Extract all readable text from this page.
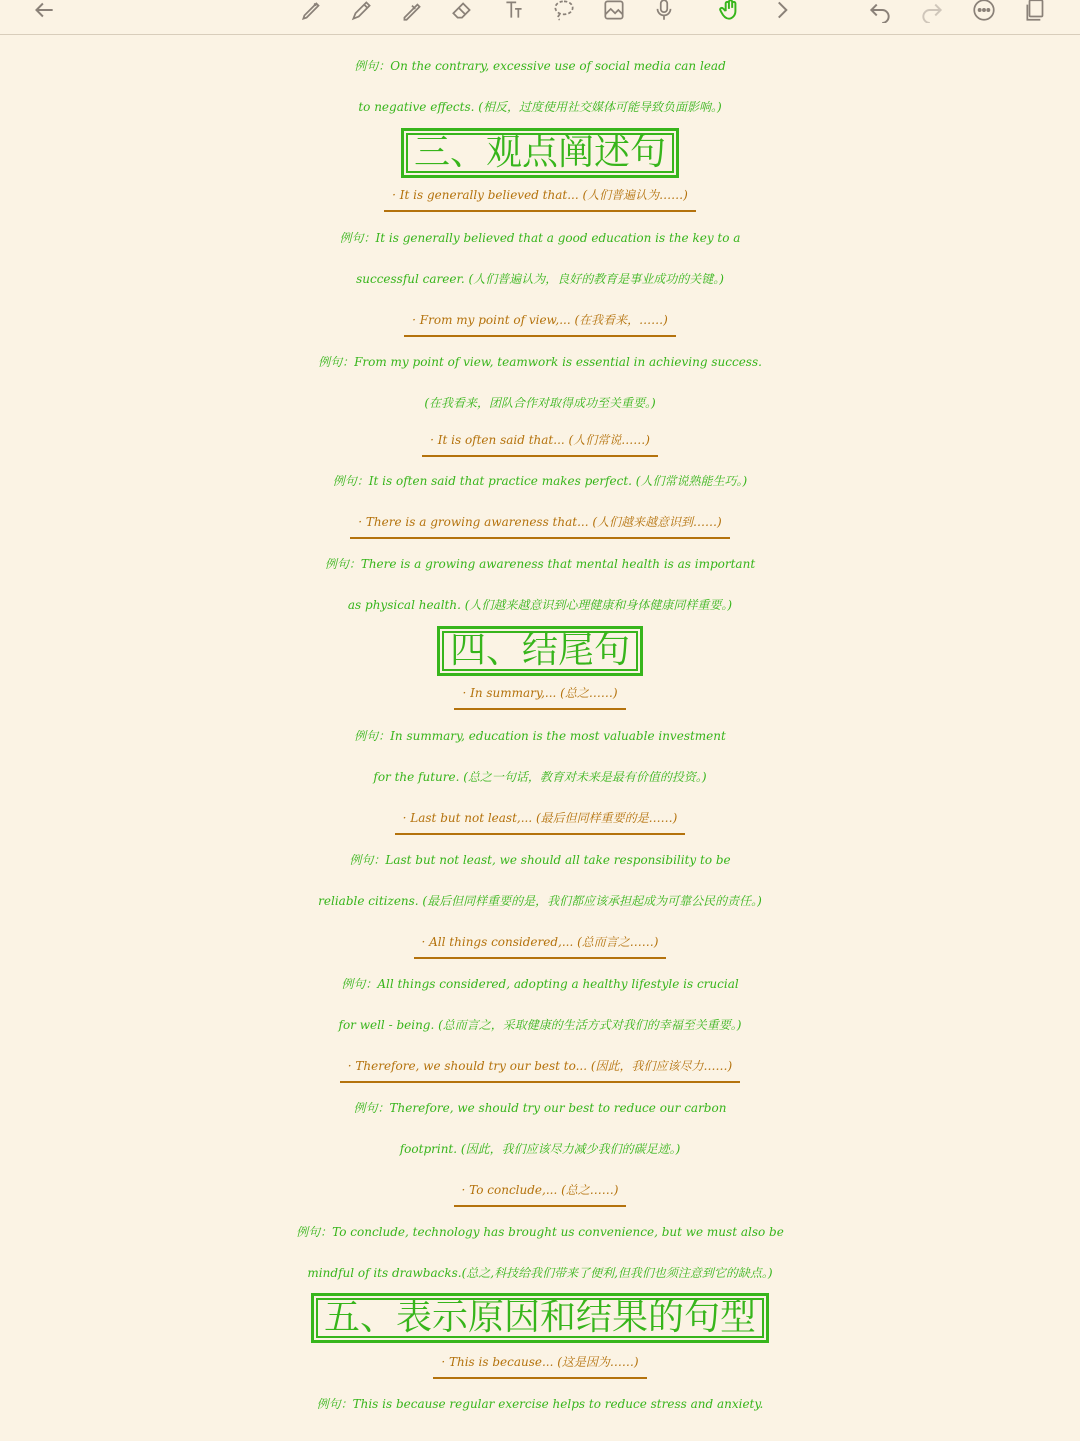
例句：On the contrary, excessive use of social media can lead
to negative effects. (相反，过度使用社交媒体可能导致负面影响。)
三、观点阐述句
· It is generally believed that... (人们普遍认为……)
例句：It is generally believed that a good education is the key to a
successful career. (人们普遍认为，良好的教育是事业成功的关键。)
· From my point of view,... (在我看来，……)
例句：From my point of view, teamwork is essential in achieving success.
(在我看来，团队合作对取得成功至关重要。)
· It is often said that... (人们常说……)
例句：It is often said that practice makes perfect. (人们常说熟能生巧。)
· There is a growing awareness that... (人们越来越意识到……)
例句：There is a growing awareness that mental health is as important
as physical health. (人们越来越意识到心理健康和身体健康同样重要。)
四、结尾句
· In summary,... (总之……)
例句：In summary, education is the most valuable investment
for the future. (总之一句话，教育对未来是最有价值的投资。)
· Last but not least,... (最后但同样重要的是……)
例句：Last but not least, we should all take responsibility to be
reliable citizens. (最后但同样重要的是，我们都应该承担起成为可靠公民的责任。)
· All things considered,... (总而言之……)
例句：All things considered, adopting a healthy lifestyle is crucial
for well - being. (总而言之，采取健康的生活方式对我们的幸福至关重要。)
· Therefore, we should try our best to... (因此，我们应该尽力……)
例句：Therefore, we should try our best to reduce our carbon
footprint. (因此，我们应该尽力减少我们的碳足迹。)
· To conclude,... (总之……)
例句：To conclude, technology has brought us convenience, but we must also be
mindful of its drawbacks.(总之,科技给我们带来了便利,但我们也须注意到它的缺点。)
五、表示原因和结果的句型
· This is because... (这是因为……)
例句：This is because regular exercise helps to reduce stress and anxiety.
